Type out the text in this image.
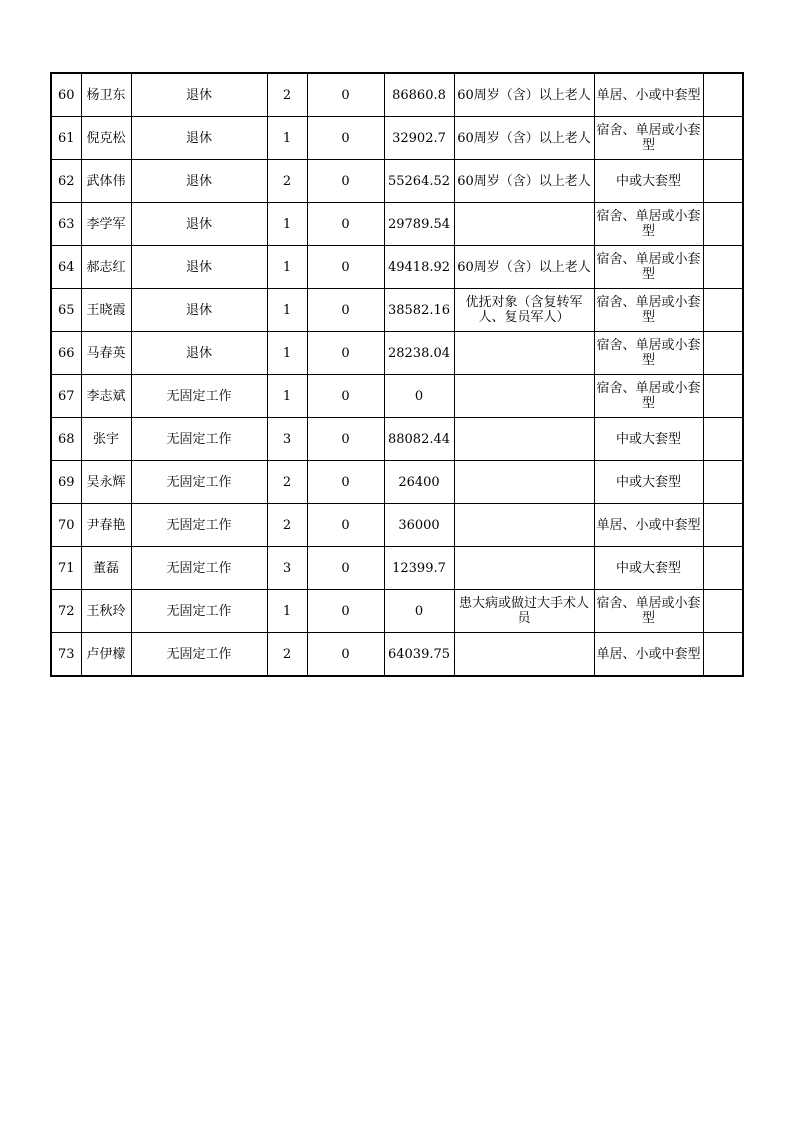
60	杨卫东	退休	2	0	86860.8	60周岁（含）以上老人	单居、小或中套型	
61	倪克松	退休	1	0	32902.7	60周岁（含）以上老人	宿舍、单居或小套型	
62	武体伟	退休	2	0	55264.52	60周岁（含）以上老人	中或大套型	
63	李学军	退休	1	0	29789.54		宿舍、单居或小套型	
64	郝志红	退休	1	0	49418.92	60周岁（含）以上老人	宿舍、单居或小套型	
65	王晓霞	退休	1	0	38582.16	优抚对象（含复转军人、复员军人）	宿舍、单居或小套型	
66	马春英	退休	1	0	28238.04		宿舍、单居或小套型	
67	李志斌	无固定工作	1	0	0		宿舍、单居或小套型	
68	张宇	无固定工作	3	0	88082.44		中或大套型	
69	吴永辉	无固定工作	2	0	26400		中或大套型	
70	尹春艳	无固定工作	2	0	36000		单居、小或中套型	
71	董磊	无固定工作	3	0	12399.7		中或大套型	
72	王秋玲	无固定工作	1	0	0	患大病或做过大手术人员	宿舍、单居或小套型	
73	卢伊檬	无固定工作	2	0	64039.75		单居、小或中套型	
